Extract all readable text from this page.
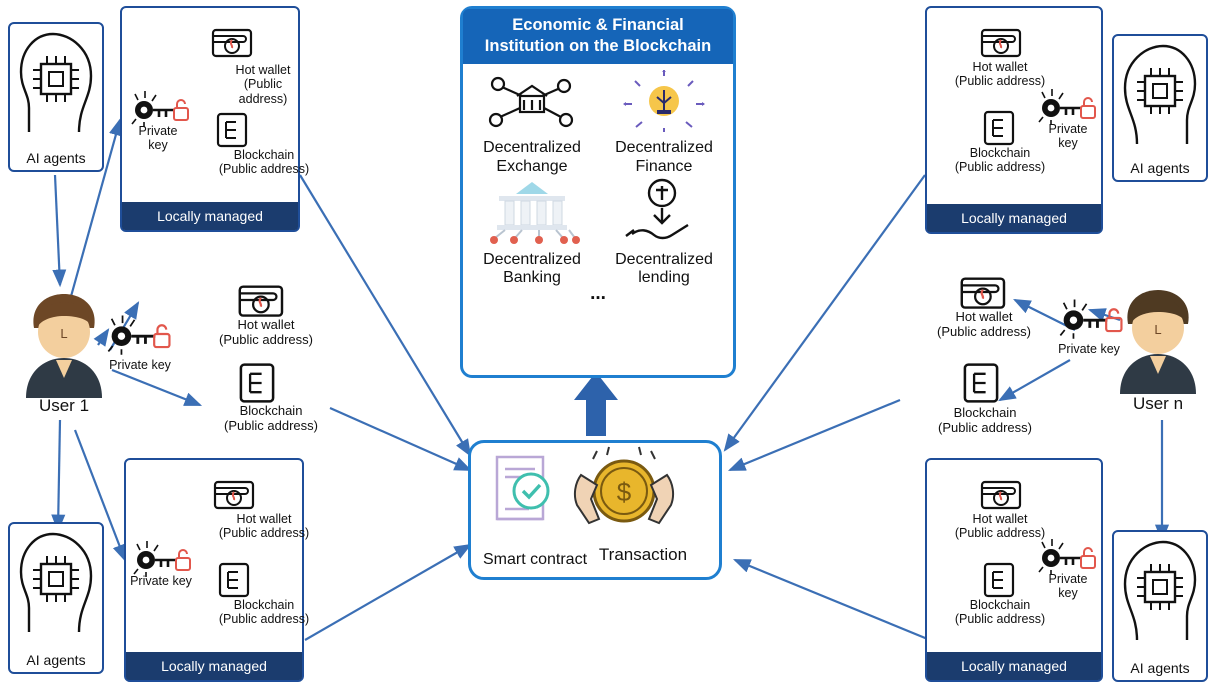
Economic & Financial Institution on the Blockchain
Decentralized Exchange
Decentralized Finance
Decentralized Banking
Decentralized lending
...
$
Smart contract Transaction
AI agents
Hot wallet
(Public address)
Blockchain
(Public address)
Private key
Locally managed
AI agents
Hot wallet
(Public address)
Blockchain
(Public address)
Private key
Locally managed
L
User 1
Hot wallet
(Public address)
Blockchain
(Public address)
Private key
Hot wallet
(Public address)
Blockchain
(Public address)
Private key
Locally managed
AI agents
Hot wallet
(Public address)
Blockchain
(Public address)
Private key
L
User n
Hot wallet
(Public address)
Blockchain
(Public address)
Private key
Locally managed	AI agents
